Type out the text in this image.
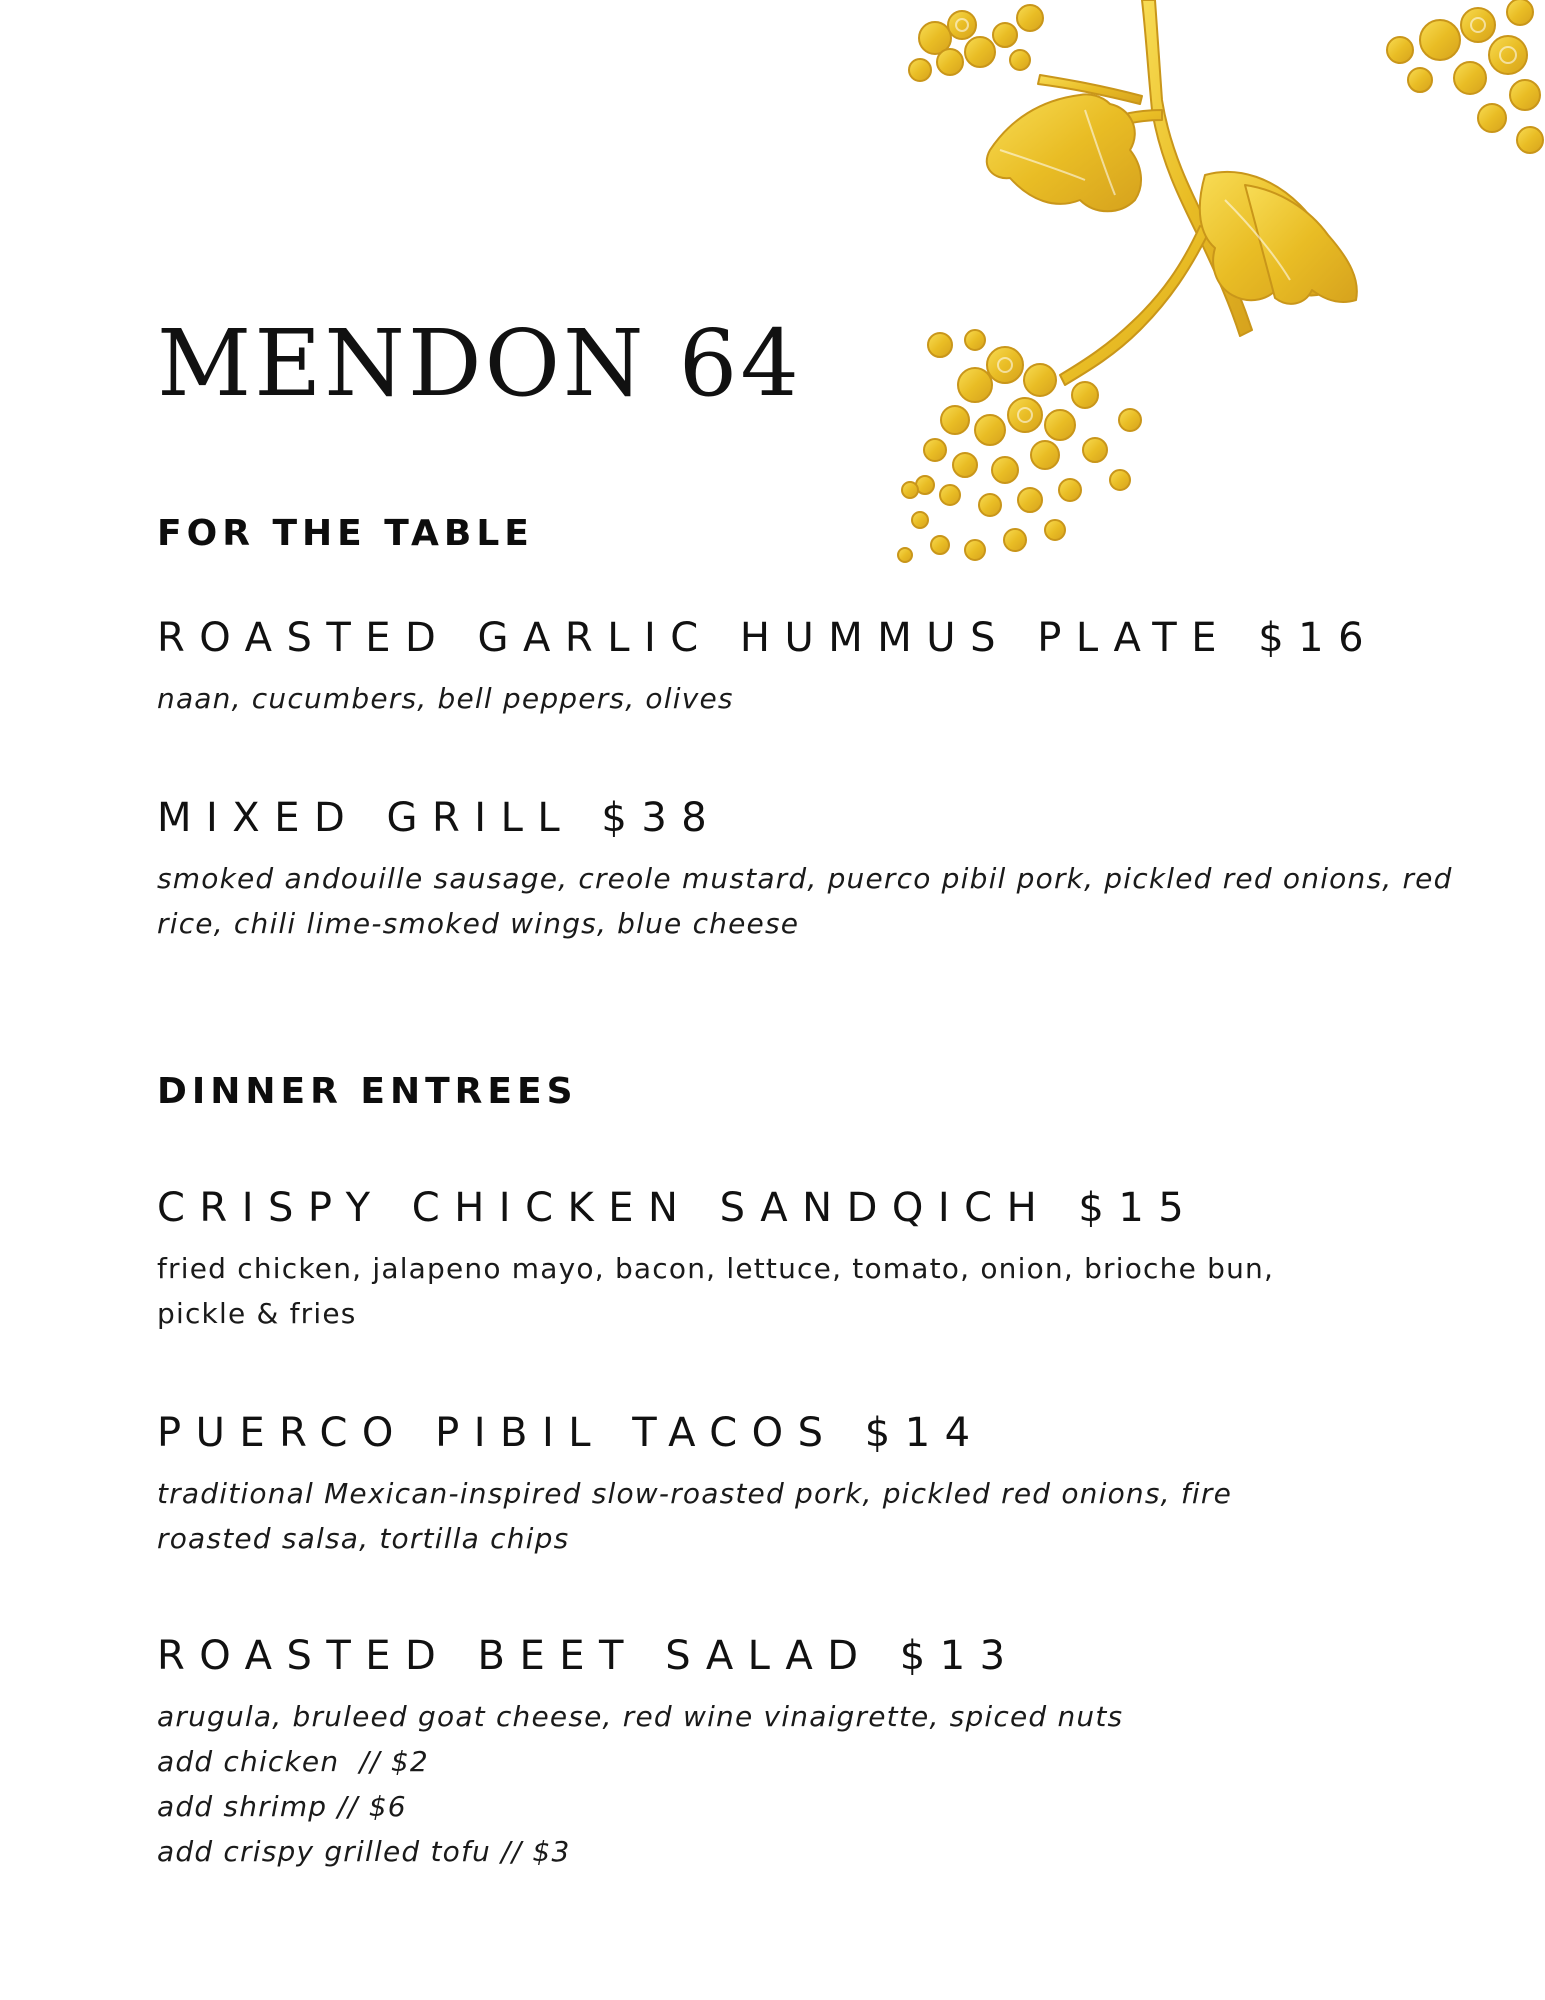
MENDON 64
FOR THE TABLE
ROASTED GARLIC HUMMUS PLATE $16
naan, cucumbers, bell peppers, olives
MIXED GRILL $38
smoked andouille sausage, creole mustard, puerco pibil pork, pickled red onions, red rice, chili lime-smoked wings, blue cheese
DINNER ENTREES
CRISPY CHICKEN SANDQICH $15
fried chicken, jalapeno mayo, bacon, lettuce, tomato, onion, brioche bun, pickle & fries
PUERCO PIBIL TACOS $14
traditional Mexican-inspired slow-roasted pork, pickled red onions, fire roasted salsa, tortilla chips
ROASTED BEET SALAD $13
arugula, bruleed goat cheese, red wine vinaigrette, spiced nuts
add chicken  // $2
add shrimp // $6
add crispy grilled tofu // $3
